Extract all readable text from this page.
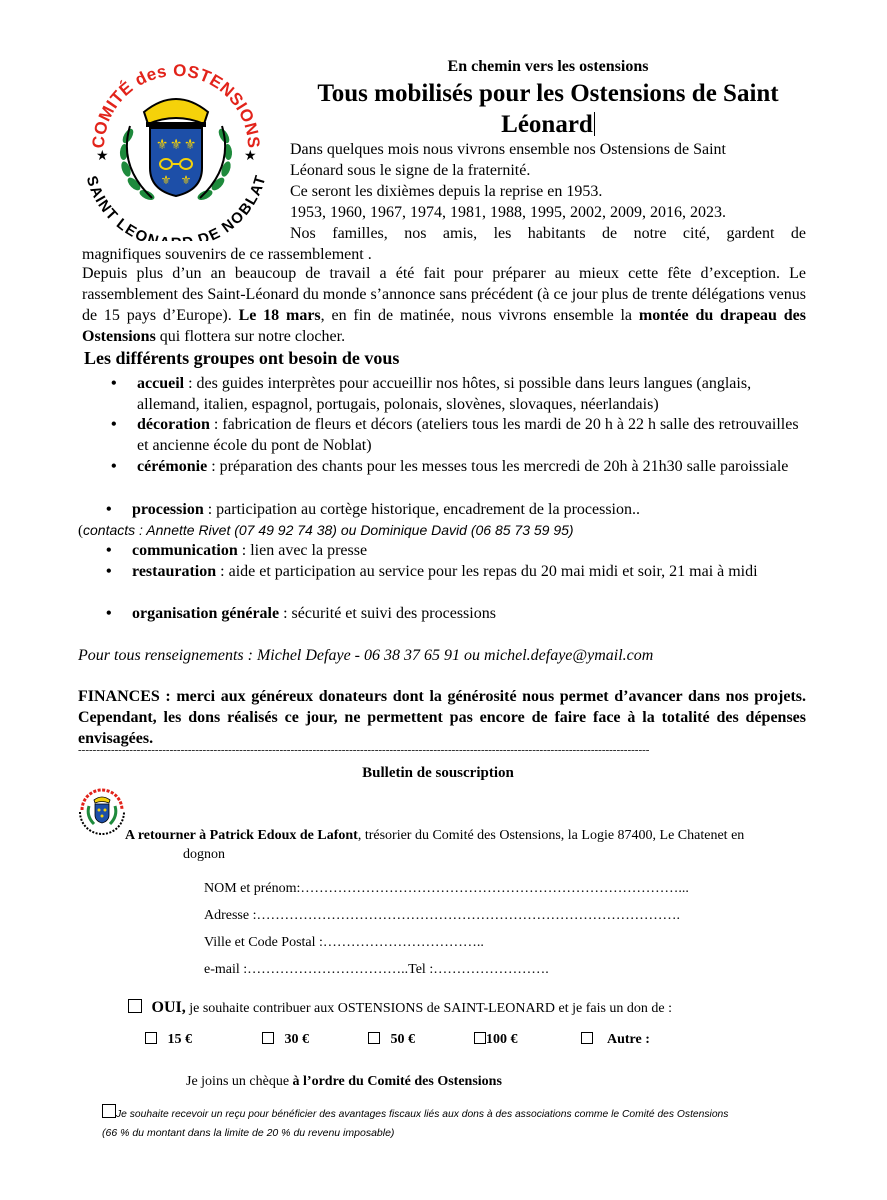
⚜ ⚜ ⚜
⚜ ⚜
★	★
COMITÉ des OSTENSIONS
SAINT LEON DE NOBLAT
En chemin vers les ostensions
Tous mobilisés pour les Ostensions de Saint
Léonard
Dans quelques mois nous vivrons ensemble nos Ostensions de Saint
Léonard sous le signe de la fraternité.
Ce seront les dixièmes depuis la reprise en 1953.
1953, 1960, 1967, 1974, 1981, 1988, 1995, 2002, 2009, 2016, 2023.
Nos familles, nos amis, les habitants de notre cité, gardent de
magnifiques souvenirs de ce rassemblement .
Depuis plus d’un an beaucoup de travail a été fait pour préparer au mieux cette fête d’exception. Le rassemblement des Saint-Léonard du monde s’annonce sans précédent (à ce jour plus de trente délégations venus de 15 pays d’Europe). Le 18 mars, en fin de matinée, nous vivrons ensemble la montée du drapeau des Ostensions qui flottera sur notre clocher.
Les différents groupes ont besoin de vous
• accueil : des guides interprètes pour accueillir nos hôtes, si possible dans leurs langues (anglais, allemand, italien, espagnol, portugais, polonais, slovènes, slovaques, néerlandais)
• décoration : fabrication de fleurs et décors (ateliers tous les mardi de 20 h à 22 h salle des retrouvailles et ancienne école du pont de Noblat)
• cérémonie : préparation des chants pour les messes tous les mercredi de 20h à 21h30 salle paroissiale
• procession : participation au cortège historique, encadrement de la procession..
(contacts : Annette Rivet (07 49 92 74 38) ou Dominique David (06 85 73 59 95)
• communication : lien avec la presse
• restauration : aide et participation au service pour les repas du 20 mai midi et soir, 21 mai à midi
• organisation générale : sécurité et suivi des processions
Pour tous renseignements : Michel Defaye - 06 38 37 65 91 ou michel.defaye@ymail.com
FINANCES : merci aux généreux donateurs dont la générosité nous permet d’avancer dans nos projets. Cependant, les dons réalisés ce jour, ne permettent pas encore de faire face à la totalité des dépenses envisagées.
------------------------------------------------------------------------------------------------------------------------------------------------------------
Bulletin de souscription
A retourner à Patrick Edoux de Lafont, trésorier du Comité des Ostensions, la Logie 87400, Le Chatenet en
dognon
NOM et prénom:………………………………………………………………………...
Adresse :……………………………………………………………………………….
Ville et Code Postal :……………………………..
e-mail :……………………………..Tel :…………………….
OUI, je souhaite contribuer aux OSTENSIONS de SAINT-LEONARD et je fais un don de :
15 €	30 €	50 €	100 €	Autre :
Je joins un chèque à l’ordre du Comité des Ostensions
Je souhaite recevoir un reçu pour bénéficier des avantages fiscaux liés aux dons à des associations comme le Comité des Ostensions
(66 % du montant dans la limite de 20 % du revenu imposable)
